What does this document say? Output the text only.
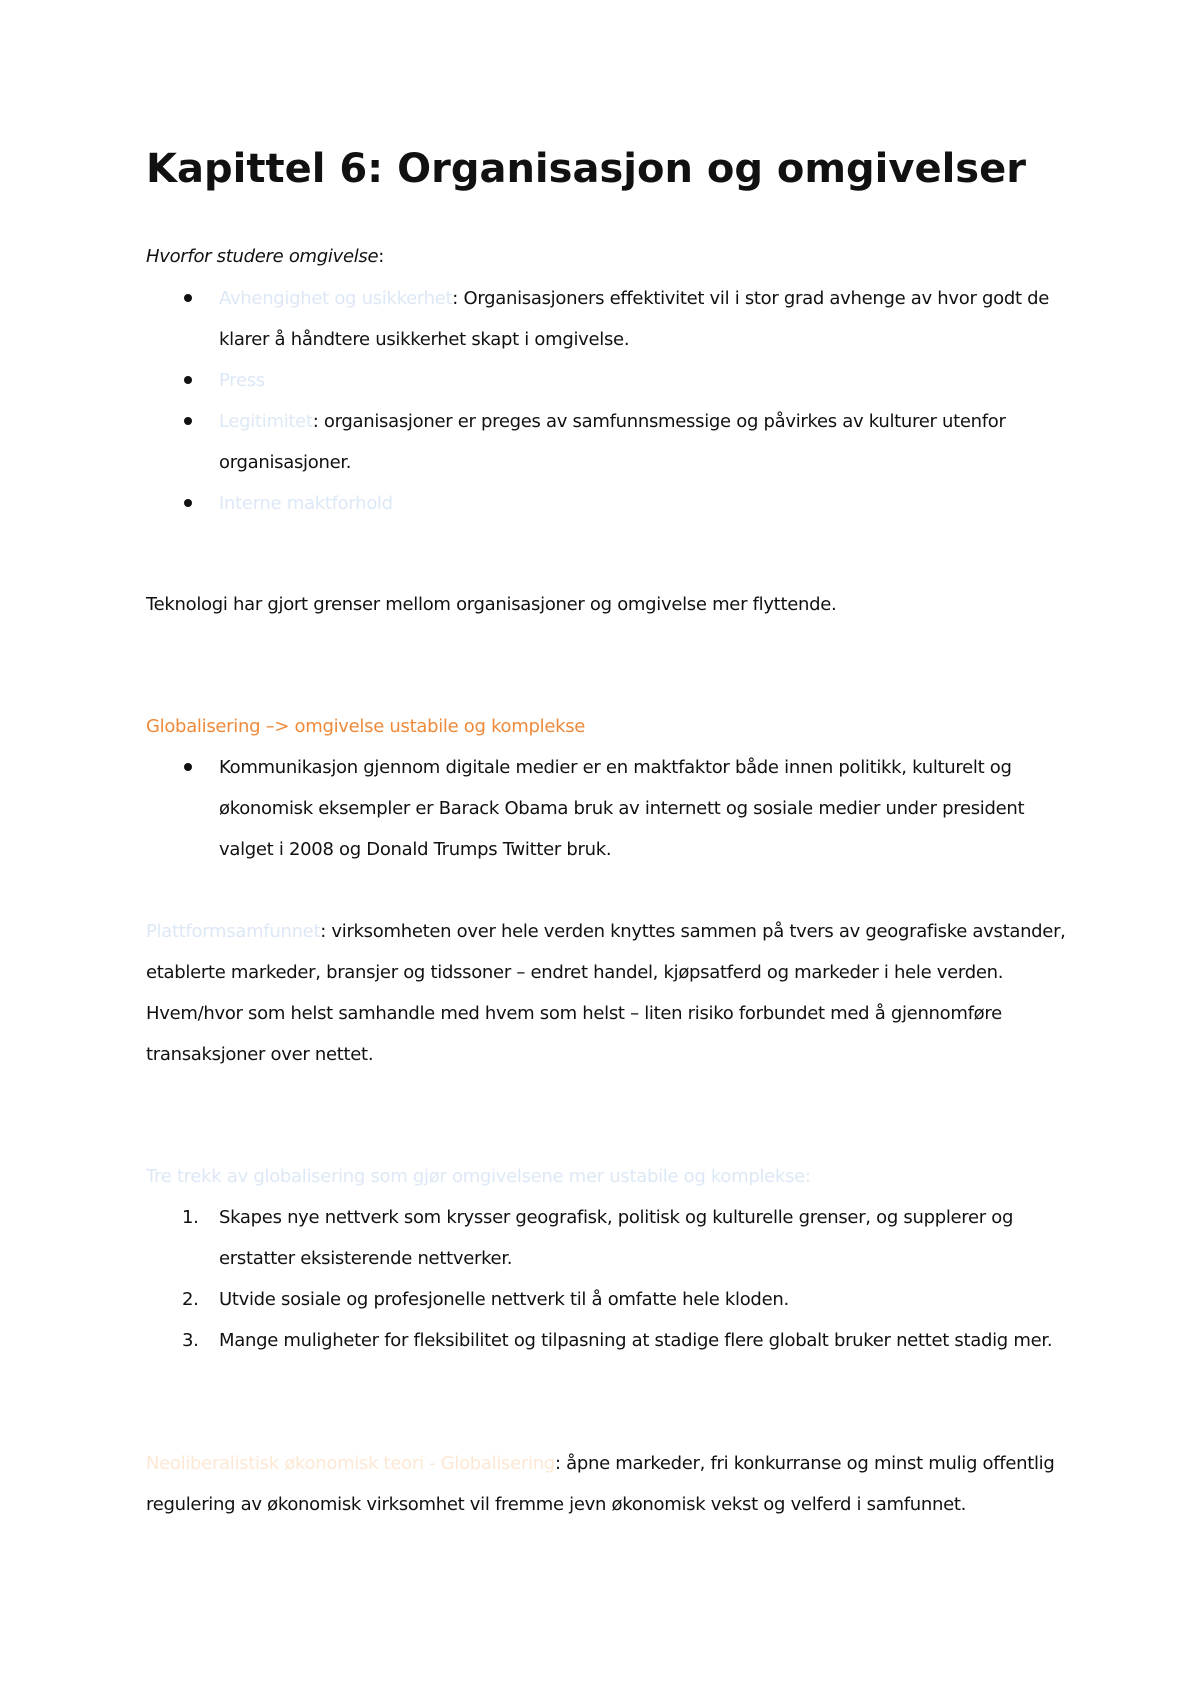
Kapittel 6: Organisasjon og omgivelser

Hvorfor studere omgivelse:

Avhengighet og usikkerhet: Organisasjoners effektivitet vil i stor grad avhenge av hvor godt de klarer å håndtere usikkerhet skapt i omgivelse.
Press
Legitimitet: organisasjoner er preges av samfunnsmessige og påvirkes av kulturer utenfor organisasjoner.
Interne maktforhold

Teknologi har gjort grenser mellom organisasjoner og omgivelse mer flyttende.

Globalisering –> omgivelse ustabile og komplekse

Kommunikasjon gjennom digitale medier er en maktfaktor både innen politikk, kulturelt og økonomisk eksempler er Barack Obama bruk av internett og sosiale medier under president valget i 2008 og Donald Trumps Twitter bruk.

Plattformsamfunnet: virksomheten over hele verden knyttes sammen på tvers av geografiske avstander, etablerte markeder, bransjer og tidssoner – endret handel, kjøpsatferd og markeder i hele verden.
Hvem/hvor som helst samhandle med hvem som helst – liten risiko forbundet med å gjennomføre transaksjoner over nettet.

Tre trekk av globalisering som gjør omgivelsene mer ustabile og komplekse:

1.	Skapes nye nettverk som krysser geografisk, politisk og kulturelle grenser, og supplerer og erstatter eksisterende nettverker.
2.	Utvide sosiale og profesjonelle nettverk til å omfatte hele kloden.
3.	Mange muligheter for fleksibilitet og tilpasning at stadige flere globalt bruker nettet stadig mer.

Neoliberalistisk økonomisk teori - Globalisering: åpne markeder, fri konkurranse og minst mulig offentlig regulering av økonomisk virksomhet vil fremme jevn økonomisk vekst og velferd i samfunnet.
